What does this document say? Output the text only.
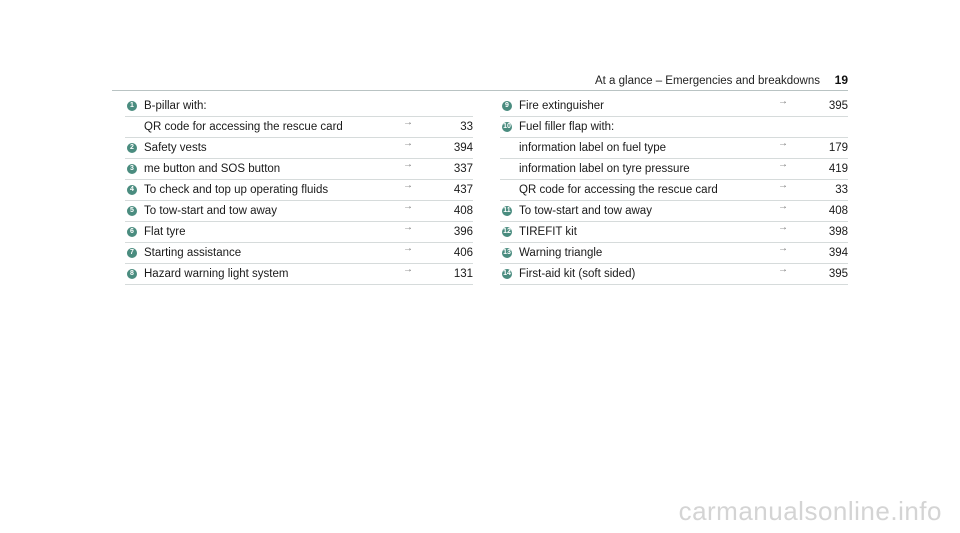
At a glance – Emergencies and breakdowns 19
1 B-pillar with:
QR code for accessing the rescue card	→	33
2 Safety vests	→	394
3 me button and SOS button	→	337
4 To check and top up operating fluids	→	437
5 To tow-start and tow away	→	408
6 Flat tyre	→	396
7 Starting assistance	→	406
8 Hazard warning light system	→	131
9 Fire extinguisher	→	395
10 Fuel filler flap with:
information label on fuel type	→	179
information label on tyre pressure	→	419
QR code for accessing the rescue card	→	33
11 To tow-start and tow away	→	408
12 TIREFIT kit	→	398
13 Warning triangle	→	394
14 First-aid kit (soft sided)	→	395
carmanualsonline.info
